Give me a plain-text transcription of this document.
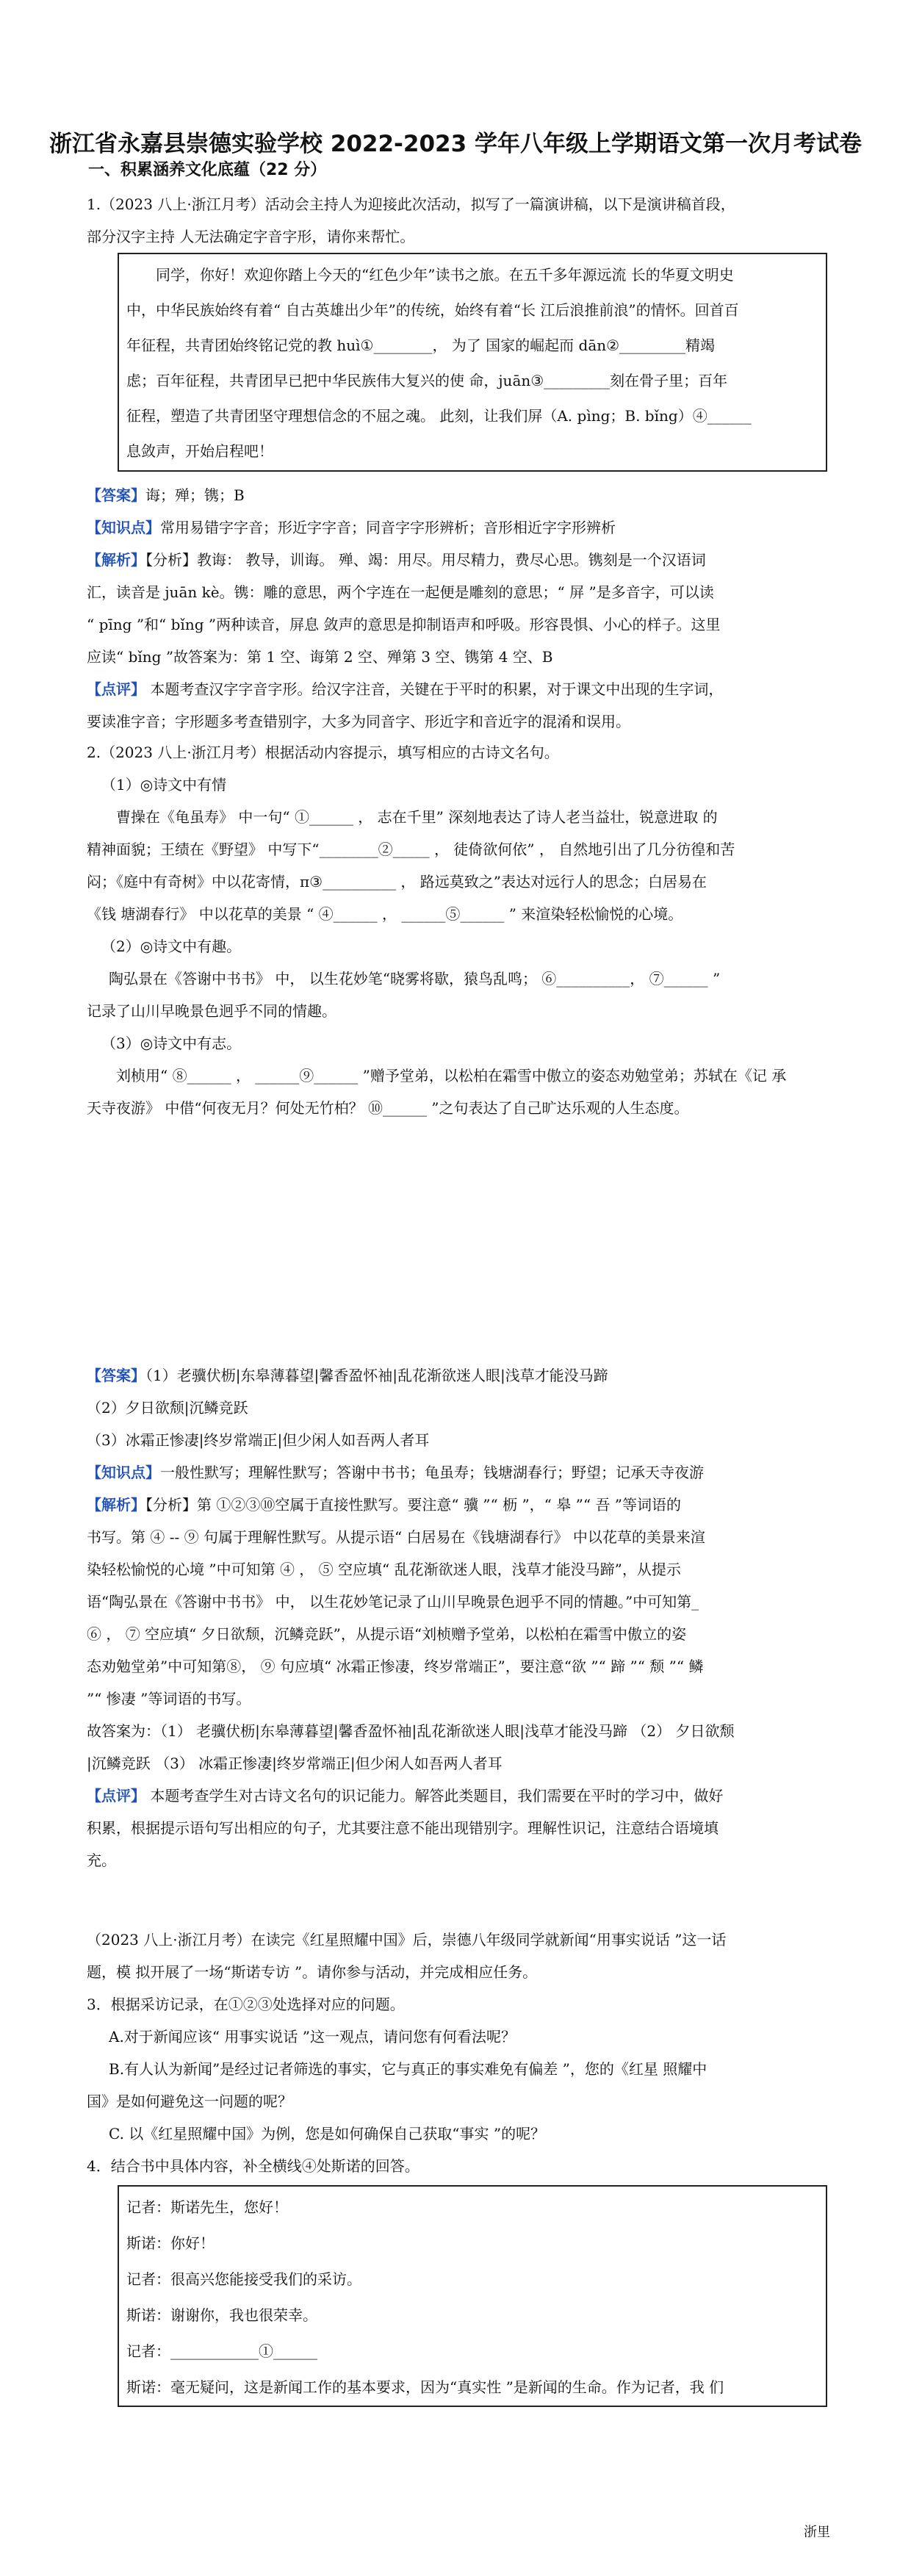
浙江省永嘉县崇德实验学校 2022-2023 学年八年级上学期语文第一次月考试卷
一、积累涵养文化底蕴（22 分）
1.（2023 八上·浙江月考）活动会主持人为迎接此次活动，拟写了一篇演讲稿，以下是演讲稿首段，
部分汉字主持 人无法确定字音字形，请你来帮忙。

同学，你好！欢迎你踏上今天的“红色少年”读书之旅。在五千多年源远流 长的华夏文明史

中，中华民族始终有着“ 自古英雄出少年”的传统，始终有着“长 江后浪推前浪”的情怀。回首百
年征程，共青团始终铭记党的教 huì①________， 为了 国家的崛起而 dān②_________精竭
虑；百年征程，共青团早已把中华民族伟大复兴的使 命，juān③_________刻在骨子里；百年
征程，塑造了共青团坚守理想信念的不屈之魂。 此刻，让我们屏（A. pìng；B. bǐng）④______
息敛声，开始启程吧！
【答案】诲；殚；镌；B
【知识点】常用易错字字音；形近字字音；同音字字形辨析；音形相近字字形辨析
【解析】【分析】教诲： 教导，训诲。 殚、竭：用尽。用尽精力，费尽心思。镌刻是一个汉语词
汇，读音是 juān kè。镌：雕的意思，两个字连在一起便是雕刻的意思；“ 屏 ”是多音字，可以读
“ pīng ”和“ bǐng ”两种读音，屏息 敛声的意思是抑制语声和呼吸。形容畏惧、小心的样子。这里
应读“ bǐng ”故答案为：第 1 空、诲第 2 空、殚第 3 空、镌第 4 空、B
【点评】 本题考查汉字字音字形。给汉字注音，关键在于平时的积累，对于课文中出现的生字词，
要读准字音；字形题多考查错别字，大多为同音字、形近字和音近字的混淆和误用。
2.（2023 八上·浙江月考）根据活动内容提示，填写相应的古诗文名句。
（1）◎诗文中有情
曹操在《龟虽寿》 中一句“ ①______ ， 志在千里” 深刻地表达了诗人老当益壮，锐意进取 的
精神面貌；王绩在《野望》 中写下“________②_____ ， 徒倚欲何依” ， 自然地引出了几分彷徨和苦
闷；《庭中有奇树》中以花寄情，π③__________ ， 路远莫致之”表达对远行人的思念；白居易在
《钱 塘湖春行》 中以花草的美景 “ ④______ ， ______⑤______ ” 来渲染轻松愉悦的心境。
（2）◎诗文中有趣。
陶弘景在《答谢中书书》 中， 以生花妙笔“晓雾将歇，猿鸟乱鸣； ⑥__________， ⑦______ ”
记录了山川早晚景色迥乎不同的情趣。
（3）◎诗文中有志。
刘桢用“ ⑧______ ， ______⑨______ ”赠予堂弟，以松柏在霜雪中傲立的姿态劝勉堂弟；苏轼在《记 承
天寺夜游》 中借“何夜无月？何处无竹柏？ ⑩______ ”之句表达了自己旷达乐观的人生态度。
【答案】（1）老骥伏枥|东皋薄暮望|馨香盈怀袖|乱花渐欲迷人眼|浅草才能没马蹄
（2）夕日欲颓|沉鳞竞跃
（3）冰霜正惨凄|终岁常端正|但少闲人如吾两人者耳
【知识点】一般性默写；理解性默写；答谢中书书；龟虽寿；钱塘湖春行；野望；记承天寺夜游
【解析】【分析】第 ①②③⑩空属于直接性默写。要注意“ 骥 ”“ 枥 ”，“ 皋 ”“ 吾 ”等词语的
书写。第 ④ -- ⑨ 句属于理解性默写。从提示语“ 白居易在《钱塘湖春行》 中以花草的美景来渲
染轻松愉悦的心境 ”中可知第 ④ ， ⑤ 空应填“ 乱花渐欲迷人眼，浅草才能没马蹄”，从提示
语“陶弘景在《答谢中书书》 中， 以生花妙笔记录了山川早晚景色迥乎不同的情趣。”中可知第_
⑥ ， ⑦ 空应填“ 夕日欲颓，沉鳞竞跃”，从提示语“刘桢赠予堂弟，以松柏在霜雪中傲立的姿
态劝勉堂弟”中可知第⑧， ⑨ 句应填“ 冰霜正惨凄，终岁常端正”，要注意“欲 ”“ 蹄 ”“ 颓 ”“ 鳞
”“ 惨凄 ”等词语的书写。
故答案为：（1） 老骥伏枥|东皋薄暮望|馨香盈怀袖|乱花渐欲迷人眼|浅草才能没马蹄 （2） 夕日欲颓
|沉鳞竞跃 （3） 冰霜正惨凄|终岁常端正|但少闲人如吾两人者耳
【点评】 本题考查学生对古诗文名句的识记能力。解答此类题目，我们需要在平时的学习中，做好
积累，根据提示语句写出相应的句子，尤其要注意不能出现错别字。理解性识记，注意结合语境填
充。
（2023 八上·浙江月考）在读完《红星照耀中国》后，崇德八年级同学就新闻“用事实说话 ”这一话
题，模 拟开展了一场“斯诺专访 ”。请你参与活动，并完成相应任务。
3．根据采访记录，在①②③处选择对应的问题。
A.对于新闻应该“ 用事实说话 ”这一观点，请问您有何看法呢？
B.有人认为新闻”是经过记者筛选的事实，它与真正的事实难免有偏差 ”，您的《红星 照耀中
国》是如何避免这一问题的呢？
C. 以《红星照耀中国》为例，您是如何确保自己获取“事实 ”的呢？
4．结合书中具体内容，补全横线④处斯诺的回答。
记者：斯诺先生，您好！
斯诺：你好！
记者：很高兴您能接受我们的采访。
斯诺：谢谢你，我也很荣幸。
记者：____________①______
斯诺：毫无疑问，这是新闻工作的基本要求，因为“真实性 ”是新闻的生命。作为记者，我 们
浙里
